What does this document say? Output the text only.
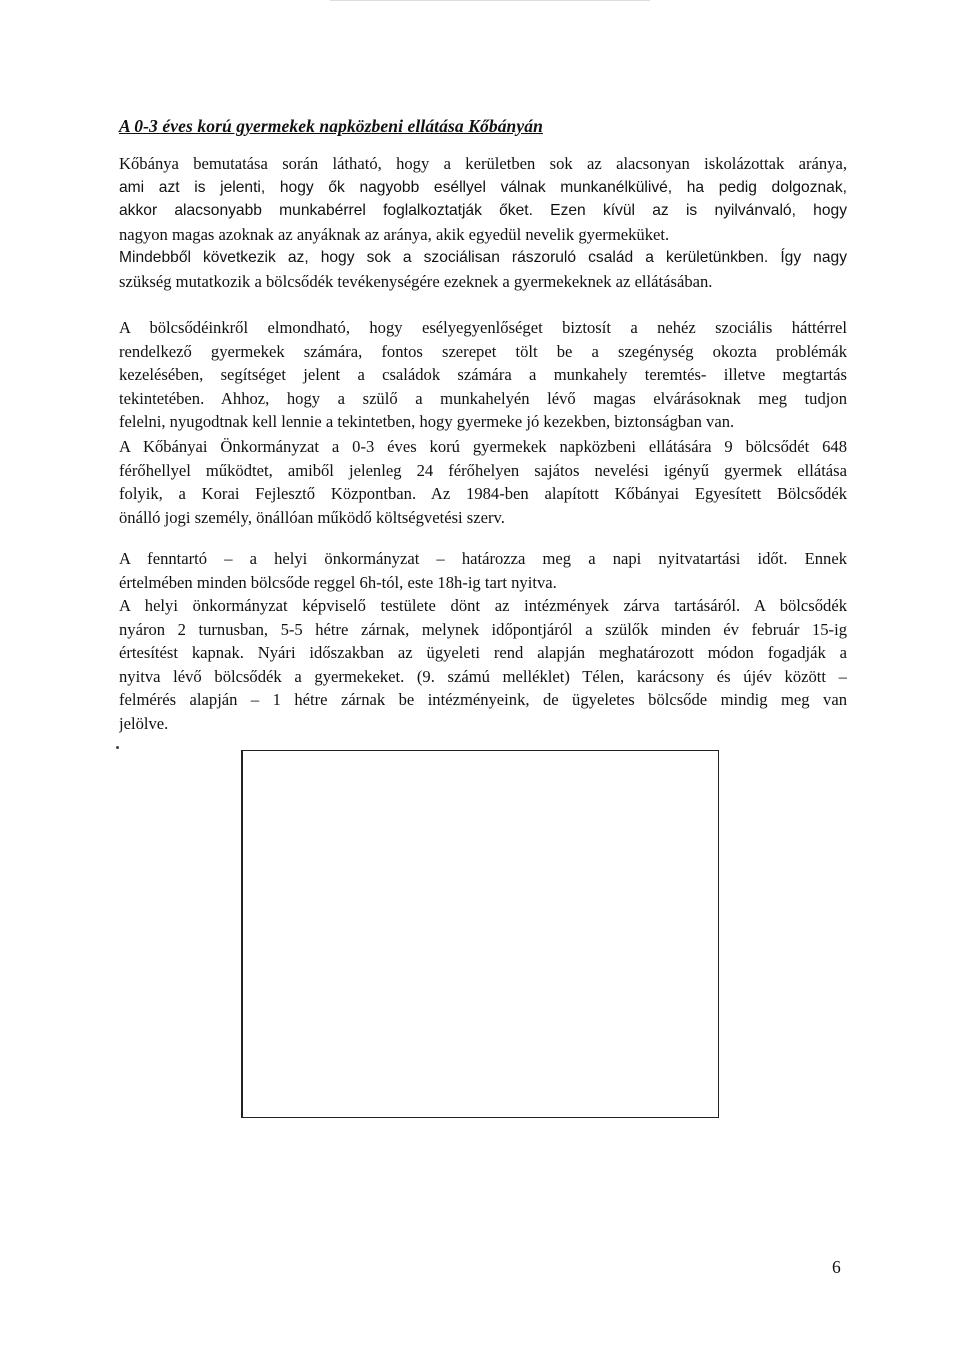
A 0-3 éves korú gyermekek napközbeni ellátása Kőbányán
Kőbánya bemutatása során látható, hogy a kerületben sok az alacsonyan iskolázottak aránya,
ami azt is jelenti, hogy ők nagyobb eséllyel válnak munkanélkülivé, ha pedig dolgoznak,
akkor alacsonyabb munkabérrel foglalkoztatják őket. Ezen kívül az is nyilvánvaló, hogy
nagyon magas azoknak az anyáknak az aránya, akik egyedül nevelik gyermeküket.
Mindebből következik az, hogy sok a szociálisan rászoruló család a kerületünkben. Így nagy
szükség mutatkozik a bölcsődék tevékenységére ezeknek a gyermekeknek az ellátásában.
A bölcsődéinkről elmondható, hogy esélyegyenlőséget biztosít a nehéz szociális háttérrel
rendelkező gyermekek számára, fontos szerepet tölt be a szegénység okozta problémák
kezelésében, segítséget jelent a családok számára a munkahely teremtés- illetve megtartás
tekintetében. Ahhoz, hogy a szülő a munkahelyén lévő magas elvárásoknak meg tudjon
felelni, nyugodtnak kell lennie a tekintetben, hogy gyermeke jó kezekben, biztonságban van.
A Kőbányai Önkormányzat a 0-3 éves korú gyermekek napközbeni ellátására 9 bölcsődét 648
férőhellyel működtet, amiből jelenleg 24 férőhelyen sajátos nevelési igényű gyermek ellátása
folyik, a Korai Fejlesztő Központban. Az 1984-ben alapított Kőbányai Egyesített Bölcsődék
önálló jogi személy, önállóan működő költségvetési szerv.
A fenntartó – a helyi önkormányzat – határozza meg a napi nyitvatartási időt. Ennek
értelmében minden bölcsőde reggel 6h-tól, este 18h-ig tart nyitva.
A helyi önkormányzat képviselő testülete dönt az intézmények zárva tartásáról. A bölcsődék
nyáron 2 turnusban, 5-5 hétre zárnak, melynek időpontjáról a szülők minden év február 15-ig
értesítést kapnak. Nyári időszakban az ügyeleti rend alapján meghatározott módon fogadják a
nyitva lévő bölcsődék a gyermekeket. (9. számú melléklet) Télen, karácsony és újév között –
felmérés alapján – 1 hétre zárnak be intézményeink, de ügyeletes bölcsőde mindig meg van
jelölve.
6
